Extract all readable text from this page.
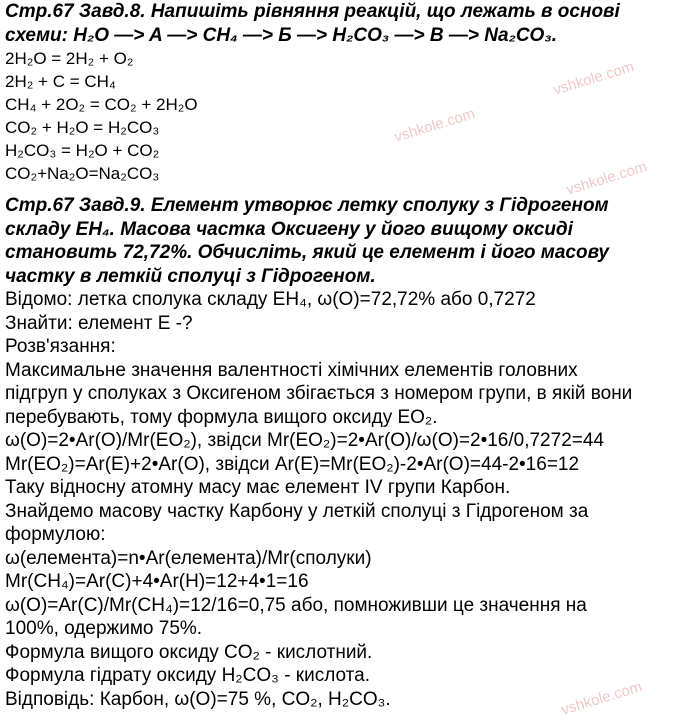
vshkole.com
vshkole.com
vshkole.com
vshkole.com
Стр.67 Завд.8. Напишіть рівняння реакцій, що лежать в основі
схеми: H₂O —> A —> CH₄ —> Б —> H₂CO₃ —> B —> Na₂CO₃.
2H₂O = 2H₂ + O₂
2H₂ + C = CH₄
CH₄ + 2O₂ = CO₂ + 2H₂O
CO₂ + H₂O = H₂CO₃
H₂CO₃ = H₂O + CO₂
CO₂+Na₂O=Na₂CO₃
Стр.67 Завд.9. Елемент утворює летку сполуку з Гідрогеном
складу ЕН₄. Масова частка Оксигену у його вищому оксиді
становить 72,72%. Обчисліть, який це елемент і його масову
частку в леткій сполуці з Гідрогеном.
Відомо: летка сполука складу ЕН₄, ω(O)=72,72% або 0,7272
Знайти: елемент Е -?
Розв'язання:
Максимальне значення валентності хімічних елементів головних
підгруп у сполуках з Оксигеном збігається з номером групи, в якій вони
перебувають, тому формула вищого оксиду ЕО₂.
ω(O)=2•Ar(O)/Mr(EO₂), звідси Mr(EO₂)=2•Ar(O)/ω(O)=2•16/0,7272=44
Mr(EO₂)=Ar(E)+2•Ar(O), звідси Ar(E)=Mr(EO₂)-2•Ar(O)=44-2•16=12
Таку відносну атомну масу має елемент IV групи Карбон.
Знайдемо масову частку Карбону у леткій сполуці з Гідрогеном за
формулою:
ω(елемента)=n•Ar(елемента)/Mr(сполуки)
Mr(CH₄)=Ar(C)+4•Ar(H)=12+4•1=16
ω(O)=Ar(C)/Mr(CH₄)=12/16=0,75 або, помноживши це значення на
100%, одержимо 75%.
Формула вищого оксиду CO₂ - кислотний.
Формула гідрату оксиду H₂CO₃ - кислота.
Відповідь: Карбон, ω(O)=75 %, CO₂, H₂CO₃.
